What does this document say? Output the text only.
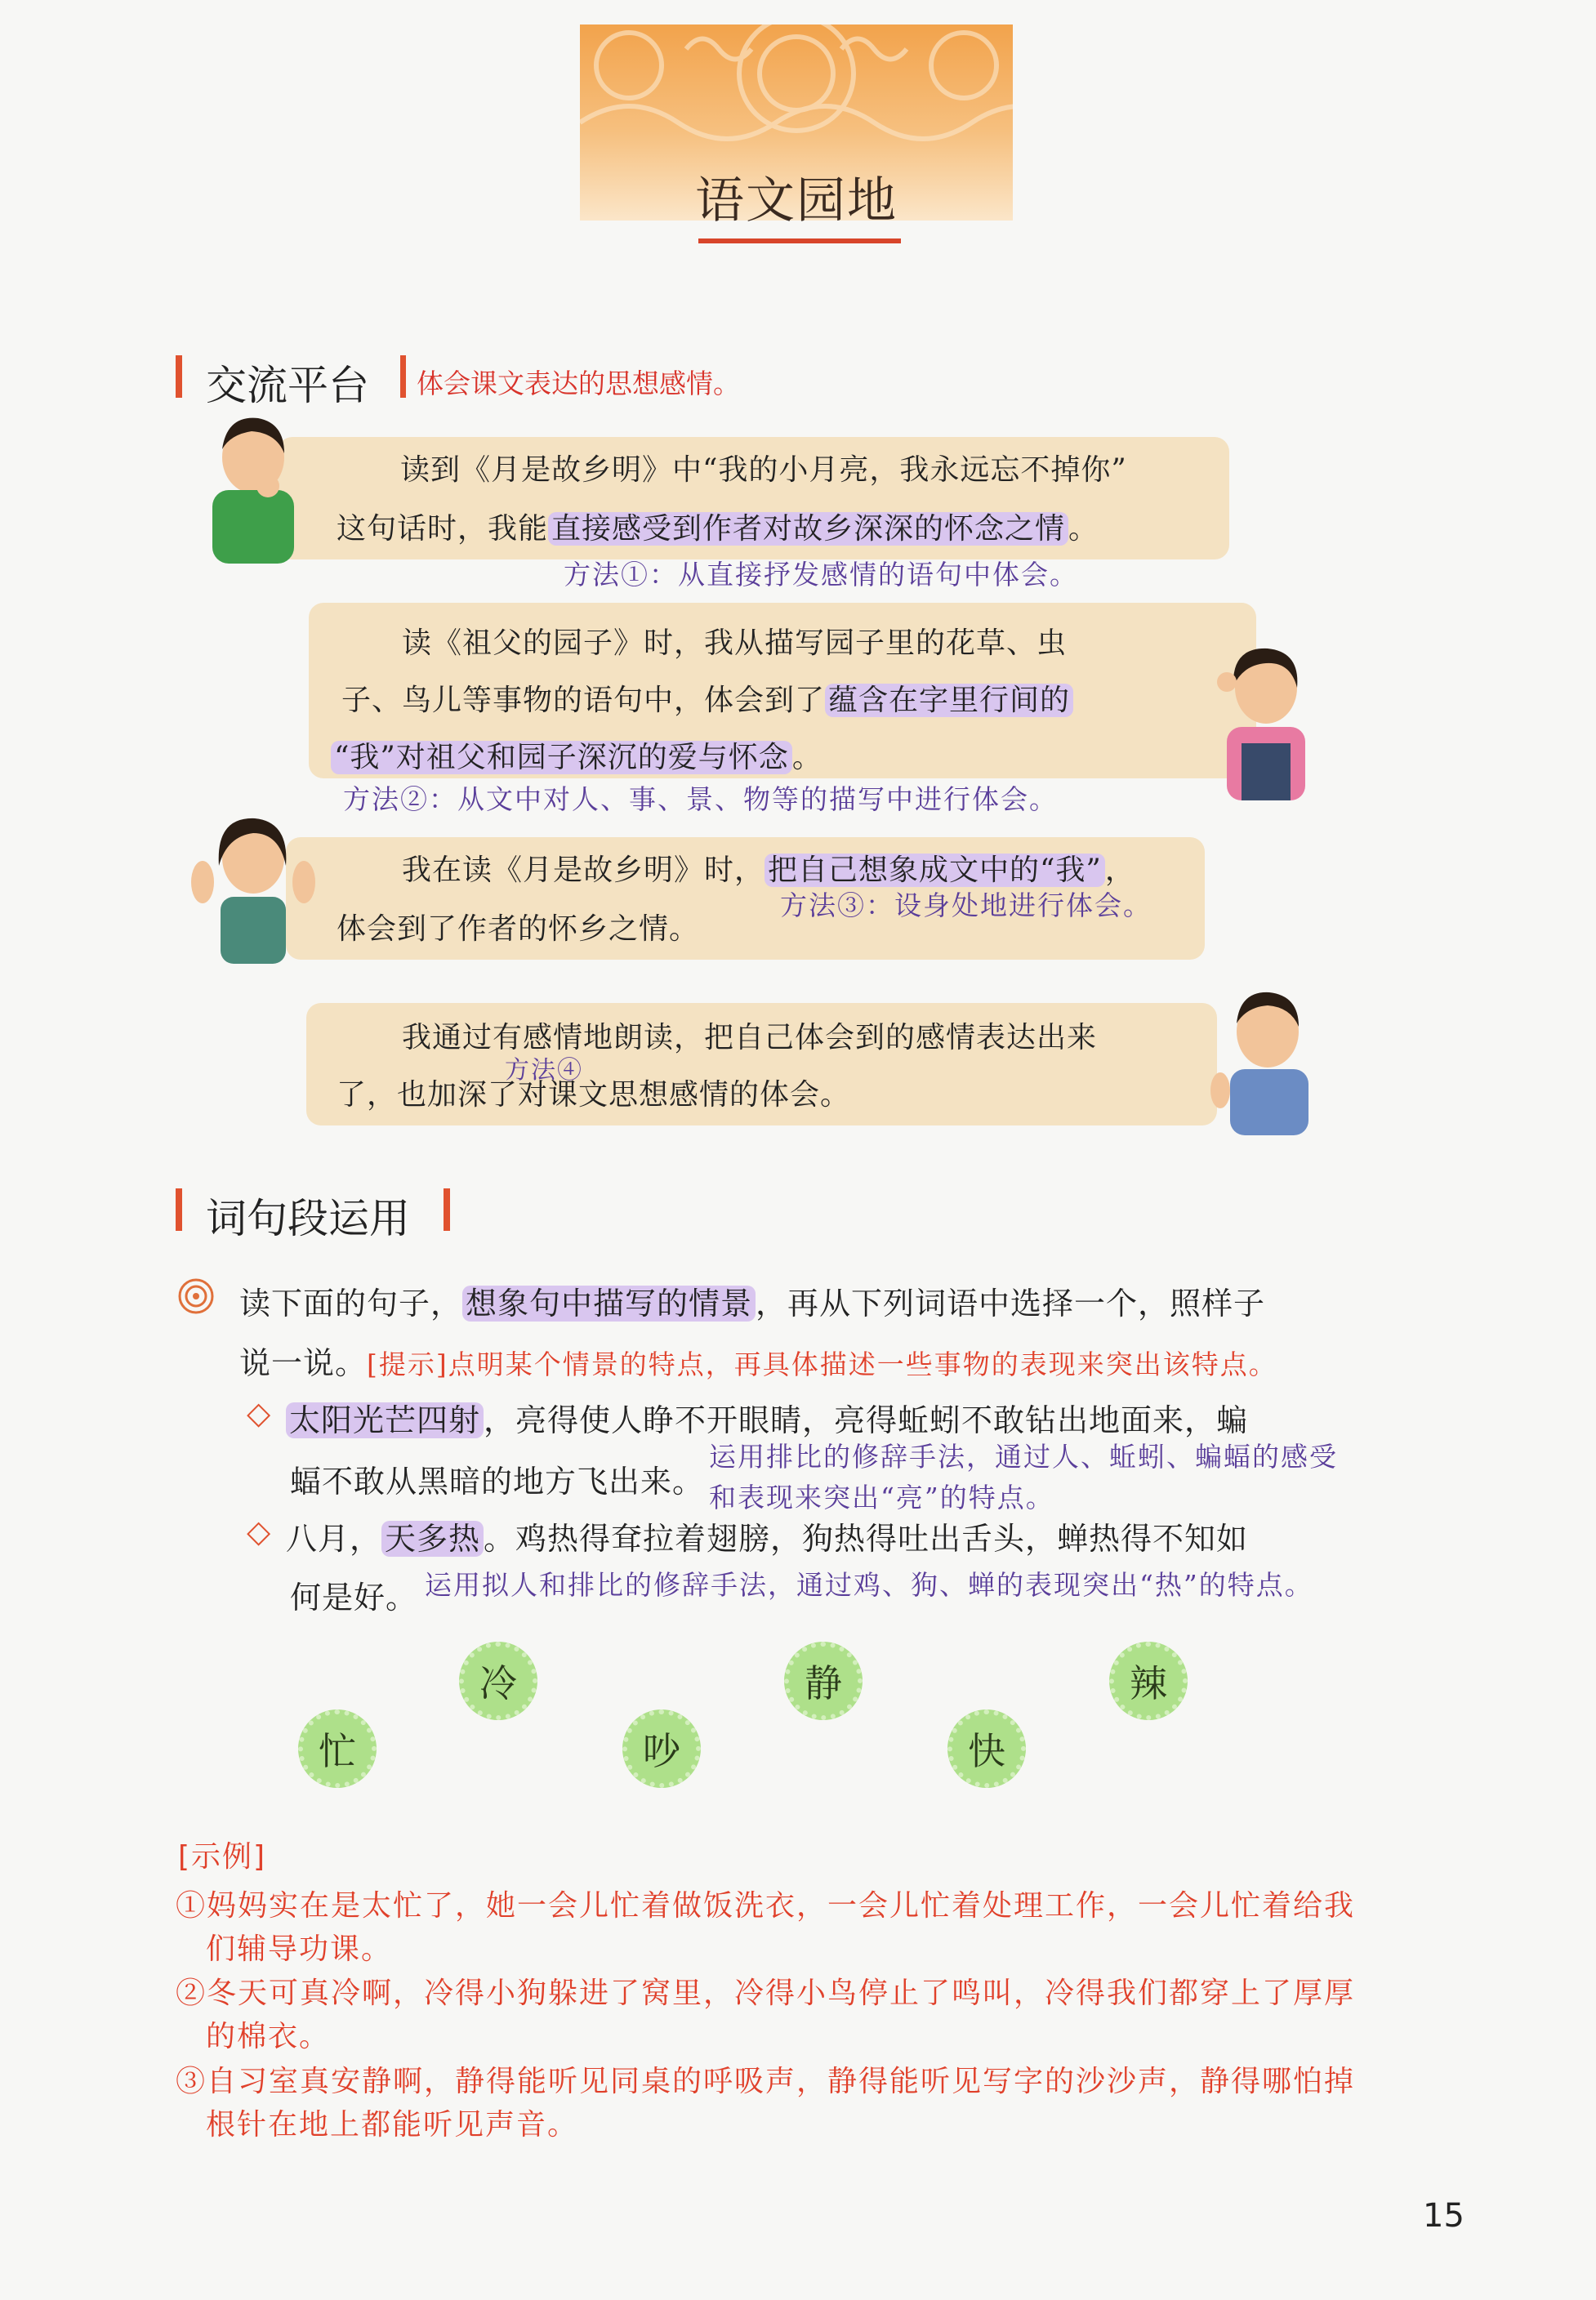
语文园地
交流平台 体会课文表达的思想感情。
读到《月是故乡明》中“我的小月亮，我永远忘不掉你”
这句话时，我能 直接感受到作者对故乡深深的怀念之情 。
方法①：从直接抒发感情的语句中体会。
读《祖父的园子》时，我从描写园子里的花草、虫
子、鸟儿等事物的语句中，体会到了 蕴含在字里行间的
“我”对祖父和园子深沉的爱与怀念 。
方法②：从文中对人、事、景、物等的描写中进行体会。
我在读《月是故乡明》时， 把自己想象成文中的“我” ，
方法③：设身处地进行体会。
体会到了作者的怀乡之情。
我通过有感情地朗读，把自己体会到的感情表达出来
方法④
了，也加深了对课文思想感情的体会。
词句段运用
读下面的句子， 想象句中描写的情景 ，再从下列词语中选择一个，照样子
说一说。[提示]点明某个情景的特点，再具体描述一些事物的表现来突出该特点。
◇ 太阳光芒四射 ，亮得使人睁不开眼睛，亮得蚯蚓不敢钻出地面来，蝙
蝠不敢从黑暗的地方飞出来。
运用排比的修辞手法，通过人、蚯蚓、蝙蝠的感受
和表现来突出“亮”的特点。
◇ 八月， 天多热 。鸡热得耷拉着翅膀，狗热得吐出舌头，蝉热得不知如
何是好。 运用拟人和排比的修辞手法，通过鸡、狗、蝉的表现突出“热”的特点。
冷	静	辣
忙	吵	快
[示例]
①妈妈实在是太忙了，她一会儿忙着做饭洗衣，一会儿忙着处理工作，一会儿忙着给我
们辅导功课。
②冬天可真冷啊，冷得小狗躲进了窝里，冷得小鸟停止了鸣叫，冷得我们都穿上了厚厚
的棉衣。
③自习室真安静啊，静得能听见同桌的呼吸声，静得能听见写字的沙沙声，静得哪怕掉
根针在地上都能听见声音。
15
